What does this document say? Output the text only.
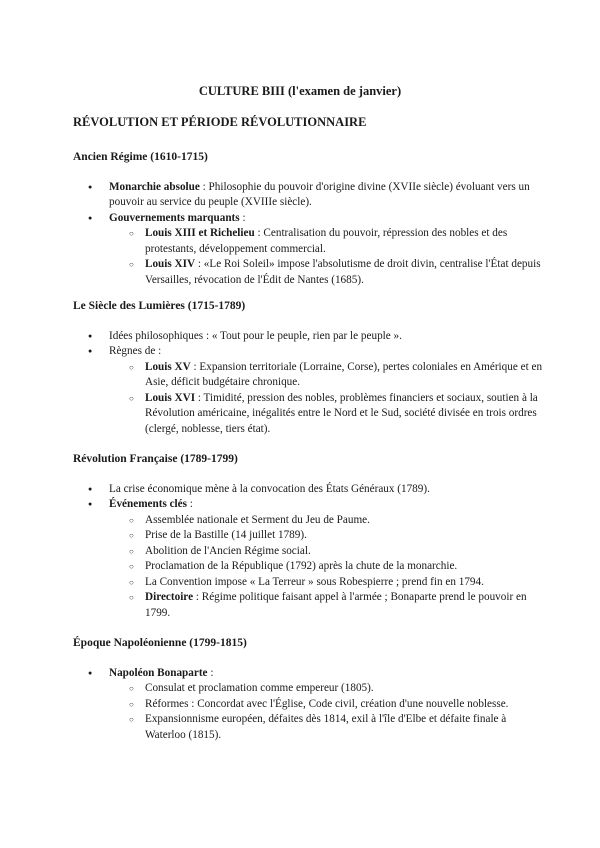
CULTURE BIII (l'examen de janvier)
RÉVOLUTION ET PÉRIODE RÉVOLUTIONNAIRE
Ancien Régime (1610-1715)
● Monarchie absolue : Philosophie du pouvoir d'origine divine (XVIIe siècle) évoluant vers un pouvoir au service du peuple (XVIIIe siècle).
● Gouvernements marquants :
○ Louis XIII et Richelieu : Centralisation du pouvoir, répression des nobles et des protestants, développement commercial.
○ Louis XIV : «Le Roi Soleil» impose l'absolutisme de droit divin, centralise l'État depuis Versailles, révocation de l'Édit de Nantes (1685).
Le Siècle des Lumières (1715-1789)
● Idées philosophiques : « Tout pour le peuple, rien par le peuple ».
● Règnes de :
○ Louis XV : Expansion territoriale (Lorraine, Corse), pertes coloniales en Amérique et en Asie, déficit budgétaire chronique.
○ Louis XVI : Timidité, pression des nobles, problèmes financiers et sociaux, soutien à la Révolution américaine, inégalités entre le Nord et le Sud, société divisée en trois ordres (clergé, noblesse, tiers état).
Révolution Française (1789-1799)
● La crise économique mène à la convocation des États Généraux (1789).
● Événements clés :
○ Assemblée nationale et Serment du Jeu de Paume.
○ Prise de la Bastille (14 juillet 1789).
○ Abolition de l'Ancien Régime social.
○ Proclamation de la République (1792) après la chute de la monarchie.
○ La Convention impose « La Terreur » sous Robespierre ; prend fin en 1794.
○ Directoire : Régime politique faisant appel à l'armée ; Bonaparte prend le pouvoir en 1799.
Époque Napoléonienne (1799-1815)
● Napoléon Bonaparte :
○ Consulat et proclamation comme empereur (1805).
○ Réformes : Concordat avec l'Église, Code civil, création d'une nouvelle noblesse.
○ Expansionnisme européen, défaites dès 1814, exil à l'île d'Elbe et défaite finale à Waterloo (1815).
